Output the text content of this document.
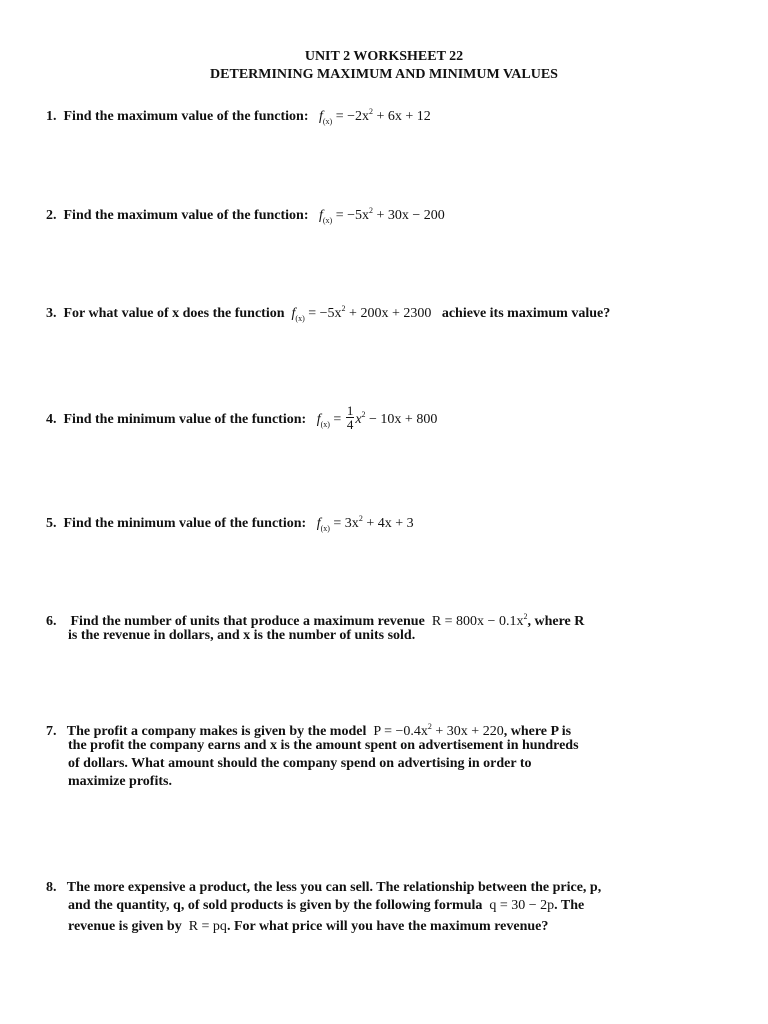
UNIT 2 WORKSHEET 22
DETERMINING MAXIMUM AND MINIMUM VALUES
1. Find the maximum value of the function: $f_{(x)} = -2x^2 + 6x + 12$
2. Find the maximum value of the function: $f_{(x)} = -5x^2 + 30x - 200$
3. For what value of x does the function $f_{(x)} = -5x^2 + 200x + 2300$ achieve its maximum value?
4. Find the minimum value of the function: $f_{(x)} = \frac{1}{4} x^2 - 10x + 800$
5. Find the minimum value of the function: $f_{(x)} = 3x^2 + 4x + 3$
6. Find the number of units that produce a maximum revenue $R = 800x - 0.1x^2$, where R
is the revenue in dollars, and x is the number of units sold.
7. The profit a company makes is given by the model $P = -0.4x^2 + 30x + 220$, where P is
the profit the company earns and x is the amount spent on advertisement in hundreds
of dollars. What amount should the company spend on advertising in order to
maximize profits.
8. The more expensive a product, the less you can sell. The relationship between the price, p,
and the quantity, q, of sold products is given by the following formula q = 30 − 2p. The
revenue is given by R = pq. For what price will you have the maximum revenue?
